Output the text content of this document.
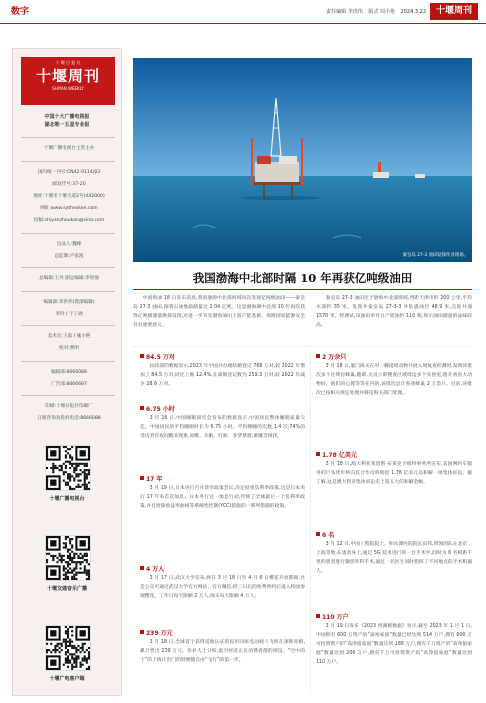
数字	责任编辑 李洪伟 版式 周小艳 2024.3.22	十堰周刊
十 堰 日 报 社
十堰周刊
SHIYAN WEEKLY
中国十大广播电视报
湖北唯一五星专业报
十堰广播电视台主管主办
国内统一刊号:CN42-0114/03
邮发代号:37-20
地址:十堰市十堰大道2号(442000)
网址:www.sythesken.com
投稿:shiyanzhoukan@sina.com
出品人:魏峰
总监制:卢家波
总编辑:王丹 副总编辑:李进强
编辑部:李洪伟(资深编辑)
李玲 / 于子涵
美术室:王淼 / 雍小艳
校对:曹明
编辑部:8666088
广告部:8666687
印刷:十堰日报社印刷厂
订阅咨询及投诉电话:8666088
十堰广播电视台
十堰交通音乐广播
十堰广电客户端
秦皇岛 27-3 油田钻探作业现场。
我国渤海中北部时隔 10 年再获亿吨级油田
中国海油 18 日发布消息,我国渤海中北部海域再次发现亿吨级油田——秦皇岛 27-3 油田,探明石油地质储量达 1.04 亿吨。这是渤海湖中北部 10 年再次获得亿吨级储量勘探发现,对进一步夯实渤海油田上游产能基础、保障国家能源安全具有重要意义。
秦皇岛 27-3 油田位于渤海中北部海域,西距天津市约 200 公里,平均水深约 35 米。发现井秦皇岛 27-3-3 井钻遇油层 48.9 米,完钻井深 1570 米。经测试,该油田单井日产原油约 110 吨,预示油田储量的品味较高。
84.5 万对
民政部的数据显示,2023 年中国共办理结婚登记 768 万对,较 2022 年增加了 84.5 万对,同比上涨 12.4%;在离婚登记数为 259.3 万对,较 2022 年减少 28.6 万对。
6.75 小时
3 月 16 日,中国睡眠研究会发布的数据显示,中国居民整体睡眠质量欠佳。中国居民的平均睡眠时长为 6.75 小时。平均晚睡的次数 1.4 次,74%的受访者有夜间醒来现象,易醒、失眠、打鼾、多梦梦游,难睡等困扰。
17 年
3 月 19 日,日本央行召开货币政策会议,决定结束负利率政策,这是日本央行 17 年来首次加息。日本央行这一加息行动,传统了全球最后一个负利率政策,并且废除收益率曲线等系统性控制(YCC)措施的一系列措施的政策。
4 万人
3 月 17 日,武汉大学宣布,将在 3 月 18 日至 4 月 6 日樱花开放期间,社会公众可通过武汉大学官方网站、官方微信,经三日后的免费预约后进入校园参观樱花。工作日每天限额 2 万人,周末每天限额 4 万人。
239 万元
3 月 18 日,全球首个获得适航认证的民用四座电动载人飞机在深圳亮相,累计售出 239 万元。作业人士分析,低空经济正在消费者群的预设。“空中的士”的上线让出门的轻便随自由“飞行”的第一步。
2 万余只
3 月 18 日,厦门海关在对一艘进境动物开展入境复查检测时,发现该批次多个区域有蜂巢,随即,关员立即搜查区域周边多个实验室,拨开查看大动物肝、他们的心理等等在内的,该批次总计查获蜂巢 2 万余只。目前,该批次已按相关规定处理并移送海关部门处理。
1.78 亿美元
3 月 18 日,澳大利亚莱恩斯·布莱克卡维特事务所宣布,美国网约车服务的巨头优步将向其合作司机赔偿 1.78 亿美元以和解一项集体诉讼。据了解,这是澳大利亚集体诉讼史上第五大的和解金额。
6 名
3 月 12 日,中国工程院院士、积水潭医院院长田伟,带领团队在北京、上海等地,在患者身上,通过 5G 技术进行的一台手术中,同时为 6 名相距千里的患者进行微创外科手术,通过一名医生同时指挥了不同地点的手术机器人。
110 万户
3 月 19 日发布《2023 西湖税数据》显示,截至 2023 年 1 月 1 日,中国拥有 600 万资产的“富裕家庭”数量已经达到 514 万户,拥有 600 万可投资资产的“高净值家庭”数量达到 188 万户,拥有千万资产的“高净值家庭”数量达到 206 万户,拥有千万可投资资产的“高净值家庭”数量达到 110 万户。
